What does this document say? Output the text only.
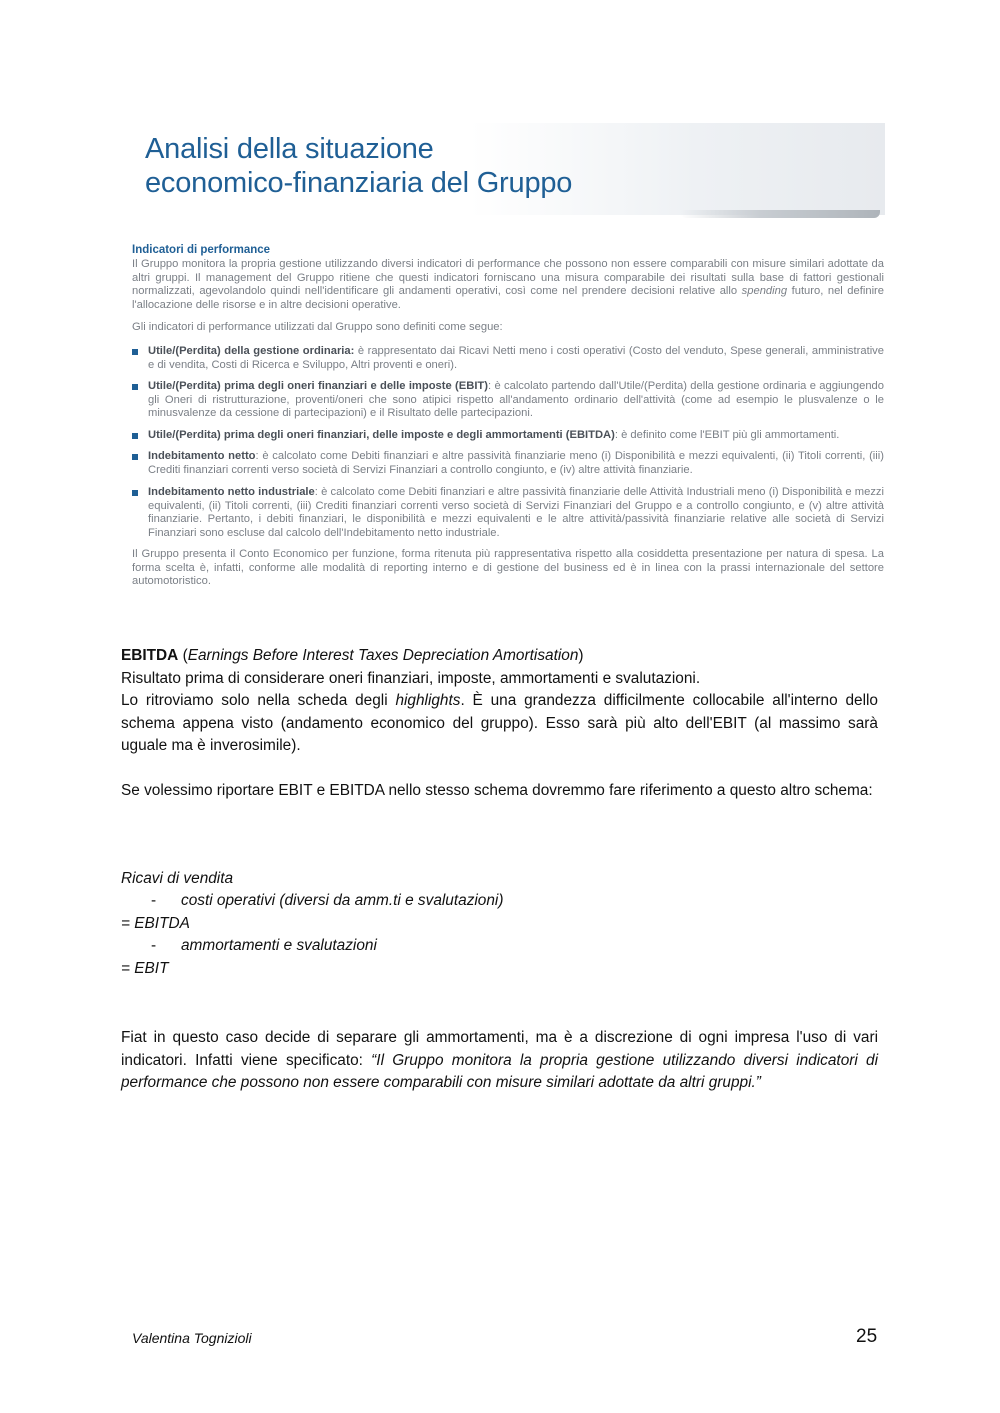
Analisi della situazione
economico-finanziaria del Gruppo
Indicatori di performance
Il Gruppo monitora la propria gestione utilizzando diversi indicatori di performance che possono non essere comparabili con misure similari adottate da altri gruppi. Il management del Gruppo ritiene che questi indicatori forniscano una misura comparabile dei risultati sulla base di fattori gestionali normalizzati, agevolandolo quindi nell'identificare gli andamenti operativi, così come nel prendere decisioni relative allo spending futuro, nel definire l'allocazione delle risorse e in altre decisioni operative.
Gli indicatori di performance utilizzati dal Gruppo sono definiti come segue:
Utile/(Perdita) della gestione ordinaria: è rappresentato dai Ricavi Netti meno i costi operativi (Costo del venduto, Spese generali, amministrative e di vendita, Costi di Ricerca e Sviluppo, Altri proventi e oneri).
Utile/(Perdita) prima degli oneri finanziari e delle imposte (EBIT): è calcolato partendo dall'Utile/(Perdita) della gestione ordinaria e aggiungendo gli Oneri di ristrutturazione, proventi/oneri che sono atipici rispetto all'andamento ordinario dell'attività (come ad esempio le plusvalenze o le minusvalenze da cessione di partecipazioni) e il Risultato delle partecipazioni.
Utile/(Perdita) prima degli oneri finanziari, delle imposte e degli ammortamenti (EBITDA): è definito come l'EBIT più gli ammortamenti.
Indebitamento netto: è calcolato come Debiti finanziari e altre passività finanziarie meno (i) Disponibilità e mezzi equivalenti, (ii) Titoli correnti, (iii) Crediti finanziari correnti verso società di Servizi Finanziari a controllo congiunto, e (iv) altre attività finanziarie.
Indebitamento netto industriale: è calcolato come Debiti finanziari e altre passività finanziarie delle Attività Industriali meno (i) Disponibilità e mezzi equivalenti, (ii) Titoli correnti, (iii) Crediti finanziari correnti verso società di Servizi Finanziari del Gruppo e a controllo congiunto, e (v) altre attività finanziarie. Pertanto, i debiti finanziari, le disponibilità e mezzi equivalenti e le altre attività/passività finanziarie relative alle società di Servizi Finanziari sono escluse dal calcolo dell'Indebitamento netto industriale.
Il Gruppo presenta il Conto Economico per funzione, forma ritenuta più rappresentativa rispetto alla cosiddetta presentazione per natura di spesa. La forma scelta è, infatti, conforme alle modalità di reporting interno e di gestione del business ed è in linea con la prassi internazionale del settore automotoristico.

EBITDA (Earnings Before Interest Taxes Depreciation Amortisation)

Risultato prima di considerare oneri finanziari, imposte, ammortamenti e svalutazioni.

Lo ritroviamo solo nella scheda degli highlights. È una grandezza difficilmente collocabile all'interno dello schema appena visto (andamento economico del gruppo). Esso sarà più alto dell'EBIT (al massimo sarà uguale ma è inverosimile).

Se volessimo riportare EBIT e EBITDA nello stesso schema dovremmo fare riferimento a questo altro schema:
Ricavi di vendita
- costi operativi (diversi da amm.ti e svalutazioni)
= EBITDA
- ammortamenti e svalutazioni
= EBIT

Fiat in questo caso decide di separare gli ammortamenti, ma è a discrezione di ogni impresa l'uso di vari indicatori. Infatti viene specificato: “Il Gruppo monitora la propria gestione utilizzando diversi indicatori di performance che possono non essere comparabili con misure similari adottate da altri gruppi.”

Valentina Tognizioli	25
